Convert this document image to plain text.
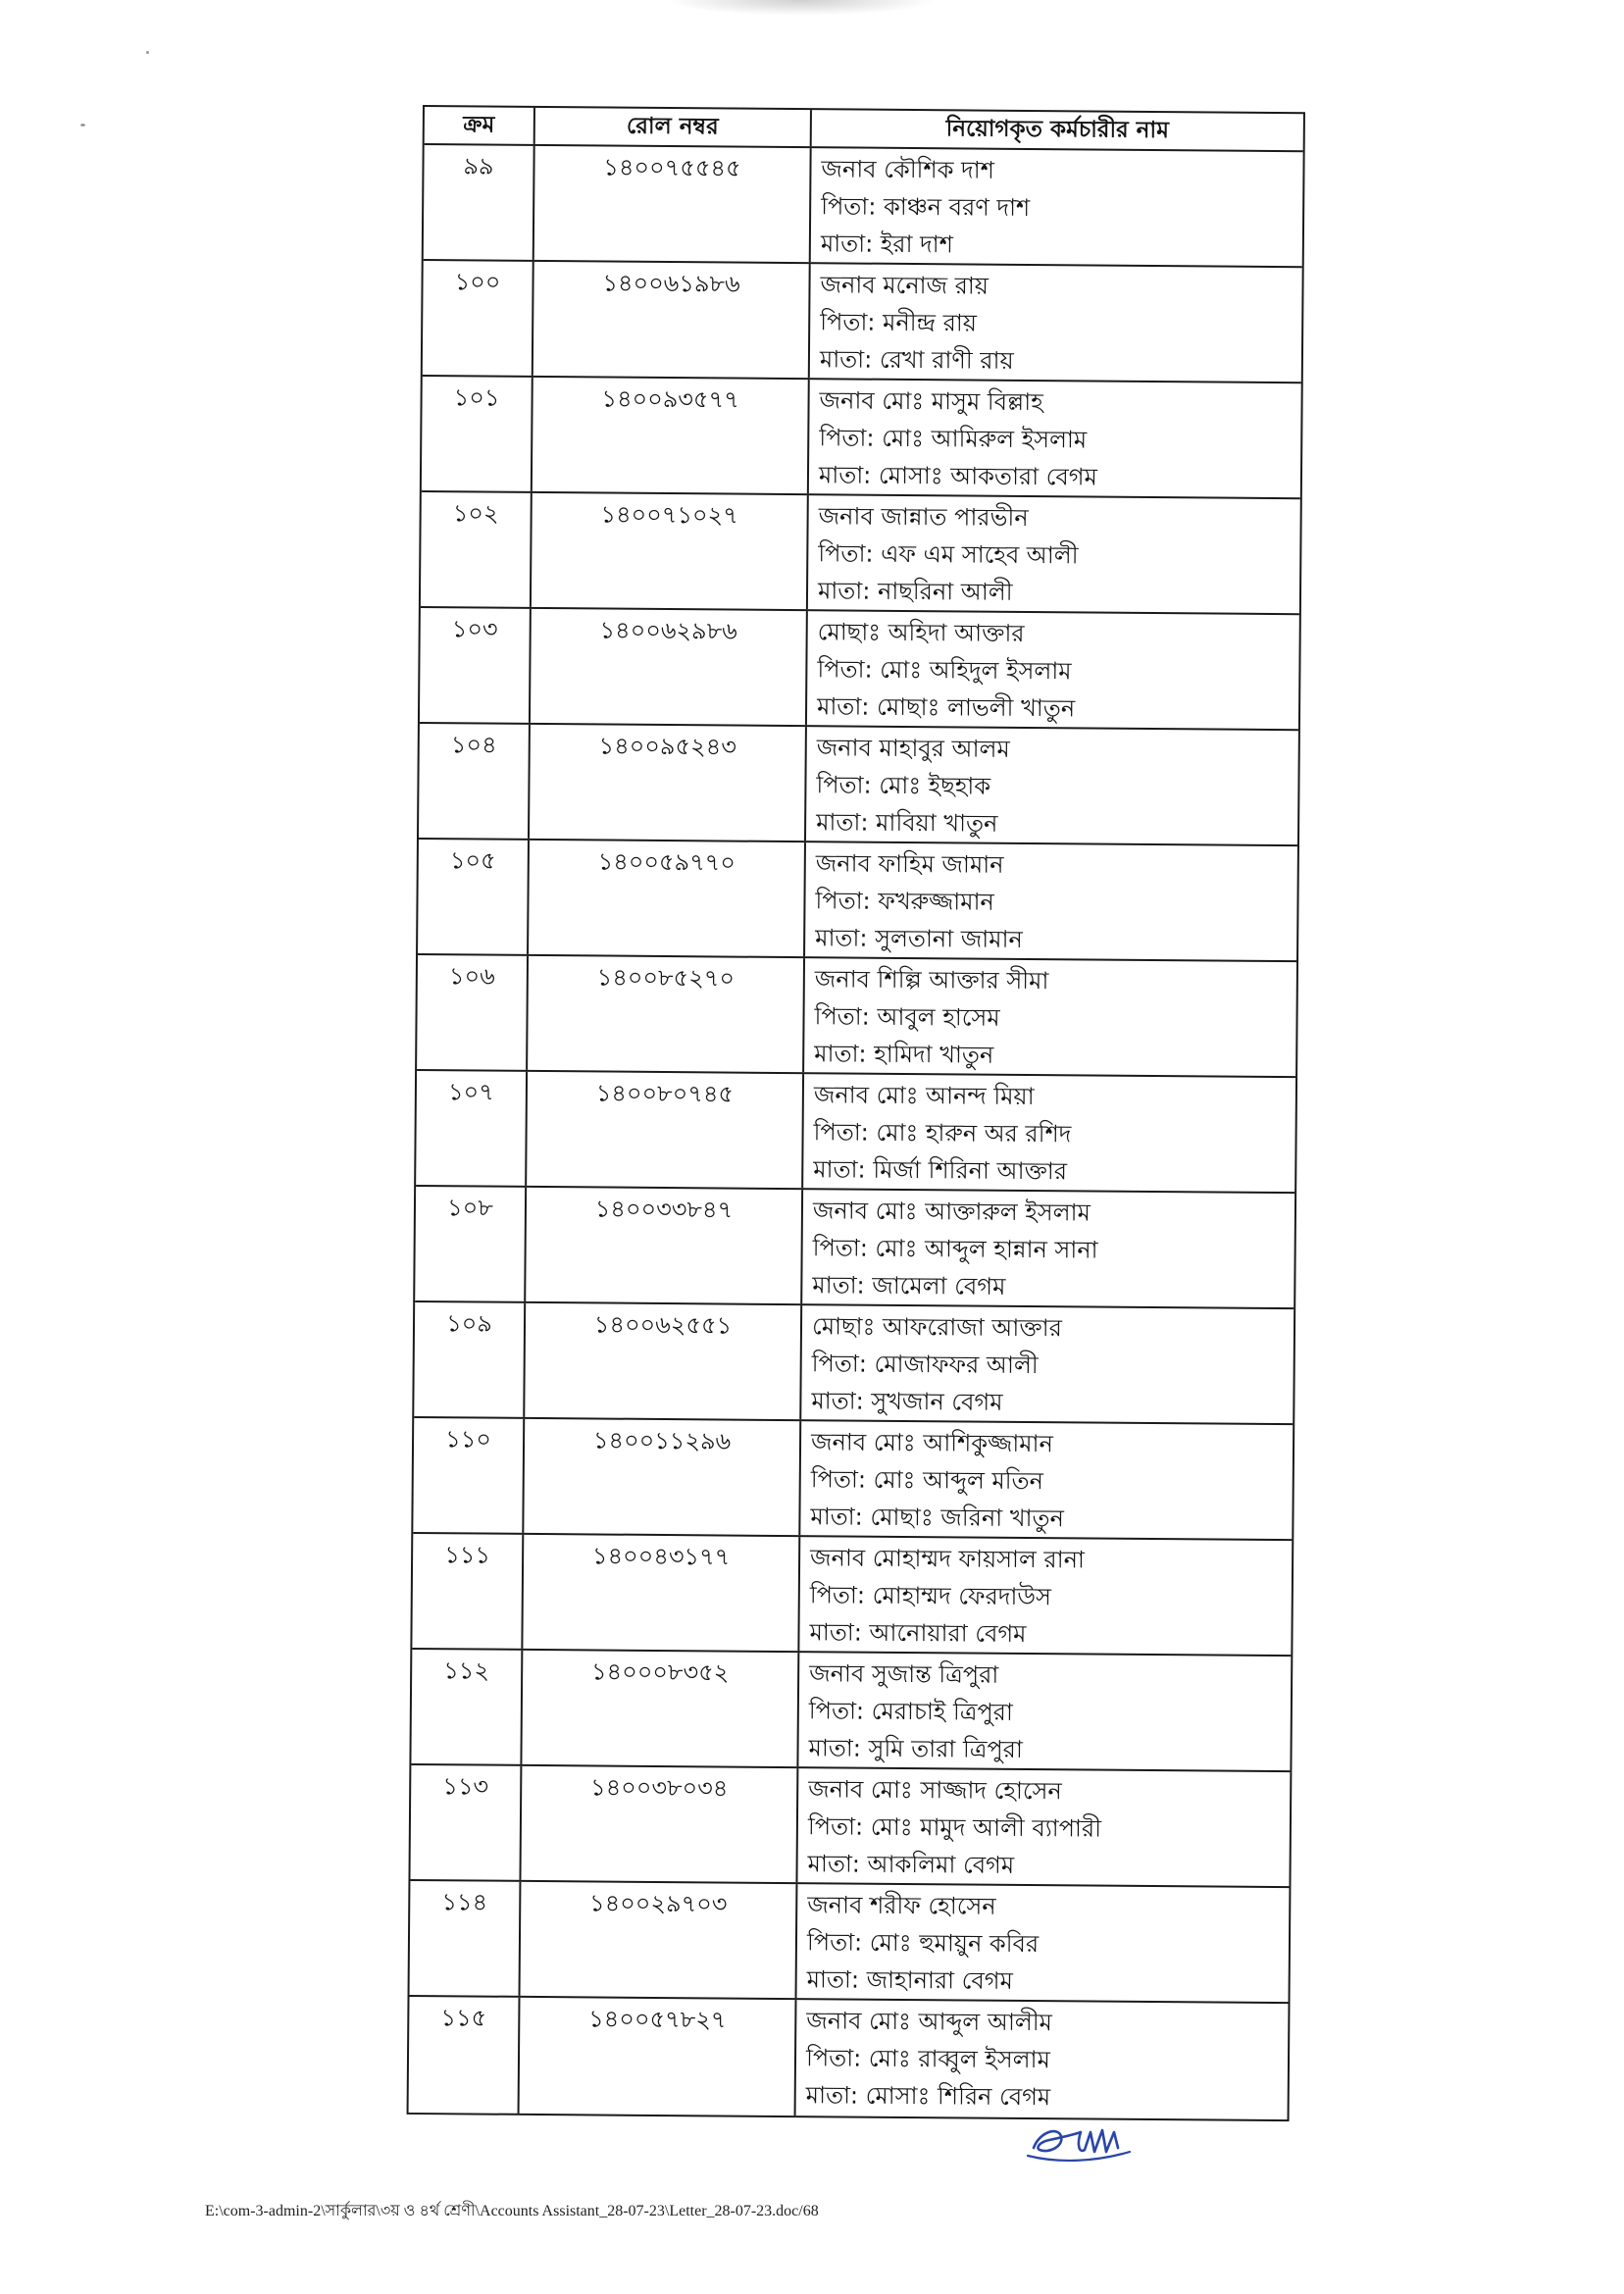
ক্রম	রোল নম্বর	নিয়োগকৃত কর্মচারীর নাম
৯৯	১৪০০৭৫৫৪৫	জনাব কৌশিক দাশ
পিতা: কাঞ্চন বরণ দাশ
মাতা: ইরা দাশ
১০০	১৪০০৬১৯৮৬	জনাব মনোজ রায়
পিতা: মনীন্দ্র রায়
মাতা: রেখা রাণী রায়
১০১	১৪০০৯৩৫৭৭	জনাব মোঃ মাসুম বিল্লাহ
পিতা: মোঃ আমিরুল ইসলাম
মাতা: মোসাঃ আকতারা বেগম
১০২	১৪০০৭১০২৭	জনাব জান্নাত পারভীন
পিতা: এফ এম সাহেব আলী
মাতা: নাছরিনা আলী
১০৩	১৪০০৬২৯৮৬	মোছাঃ অহিদা আক্তার
পিতা: মোঃ অহিদুল ইসলাম
মাতা: মোছাঃ লাভলী খাতুন
১০৪	১৪০০৯৫২৪৩	জনাব মাহাবুর আলম
পিতা: মোঃ ইছহাক
মাতা: মাবিয়া খাতুন
১০৫	১৪০০৫৯৭৭০	জনাব ফাহিম জামান
পিতা: ফখরুজ্জামান
মাতা: সুলতানা জামান
১০৬	১৪০০৮৫২৭০	জনাব শিল্পি আক্তার সীমা
পিতা: আবুল হাসেম
মাতা: হামিদা খাতুন
১০৭	১৪০০৮০৭৪৫	জনাব মোঃ আনন্দ মিয়া
পিতা: মোঃ হারুন অর রশিদ
মাতা: মির্জা শিরিনা আক্তার
১০৮	১৪০০৩৩৮৪৭	জনাব মোঃ আক্তারুল ইসলাম
পিতা: মোঃ আব্দুল হান্নান সানা
মাতা: জামেলা বেগম
১০৯	১৪০০৬২৫৫১	মোছাঃ আফরোজা আক্তার
পিতা: মোজাফফর আলী
মাতা: সুখজান বেগম
১১০	১৪০০১১২৯৬	জনাব মোঃ আশিকুজ্জামান
পিতা: মোঃ আব্দুল মতিন
মাতা: মোছাঃ জরিনা খাতুন
১১১	১৪০০৪৩১৭৭	জনাব মোহাম্মদ ফায়সাল রানা
পিতা: মোহাম্মদ ফেরদাউস
মাতা: আনোয়ারা বেগম
১১২	১৪০০০৮৩৫২	জনাব সুজান্ত ত্রিপুরা
পিতা: মেরাচাই ত্রিপুরা
মাতা: সুমি তারা ত্রিপুরা
১১৩	১৪০০৩৮০৩৪	জনাব মোঃ সাজ্জাদ হোসেন
পিতা: মোঃ মামুদ আলী ব্যাপারী
মাতা: আকলিমা বেগম
১১৪	১৪০০২৯৭০৩	জনাব শরীফ হোসেন
পিতা: মোঃ হুমায়ুন কবির
মাতা: জাহানারা বেগম
১১৫	১৪০০৫৭৮২৭	জনাব মোঃ আব্দুল আলীম
পিতা: মোঃ রাব্বুল ইসলাম
মাতা: মোসাঃ শিরিন বেগম
E:\com-3-admin-2\সার্কুলার\৩য় ও ৪র্থ শ্রেণী\Accounts Assistant_28-07-23\Letter_28-07-23.doc/68
